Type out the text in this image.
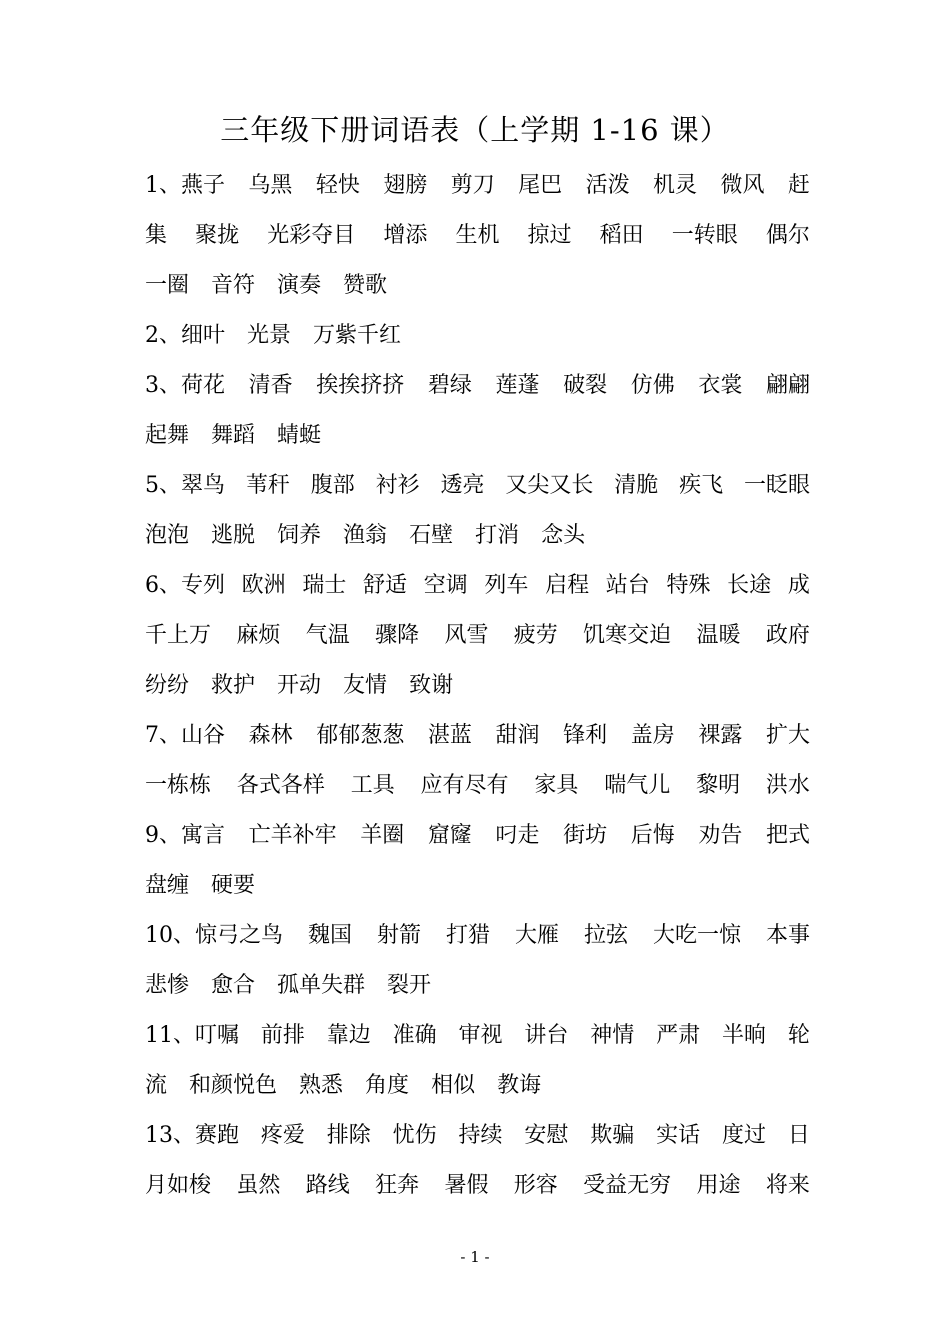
三年级下册词语表（上学期 1-16 课）
1、燕子 乌黑 轻快 翅膀 剪刀 尾巴 活泼 机灵 微风 赶
集 聚拢 光彩夺目 增添 生机 掠过 稻田 一转眼 偶尔
一圈 音符 演奏 赞歌
2、细叶 光景 万紫千红
3、荷花 清香 挨挨挤挤 碧绿 莲蓬 破裂 仿佛 衣裳 翩翩
起舞 舞蹈 蜻蜓
5、翠鸟 苇秆 腹部 衬衫 透亮 又尖又长 清脆 疾飞 一眨眼
泡泡 逃脱 饲养 渔翁 石壁 打消 念头
6、专列 欧洲 瑞士 舒适 空调 列车 启程 站台 特殊 长途 成
千上万 麻烦 气温 骤降 风雪 疲劳 饥寒交迫 温暖 政府
纷纷 救护 开动 友情 致谢
7、山谷 森林 郁郁葱葱 湛蓝 甜润 锋利 盖房 裸露 扩大
一栋栋 各式各样 工具 应有尽有 家具 喘气儿 黎明 洪水
9、寓言 亡羊补牢 羊圈 窟窿 叼走 街坊 后悔 劝告 把式
盘缠 硬要
10、惊弓之鸟 魏国 射箭 打猎 大雁 拉弦 大吃一惊 本事
悲惨 愈合 孤单失群 裂开
11、叮嘱 前排 靠边 准确 审视 讲台 神情 严肃 半晌 轮
流 和颜悦色 熟悉 角度 相似 教诲
13、赛跑 疼爱 排除 忧伤 持续 安慰 欺骗 实话 度过 日
月如梭 虽然 路线 狂奔 暑假 形容 受益无穷 用途 将来
- 1 -
